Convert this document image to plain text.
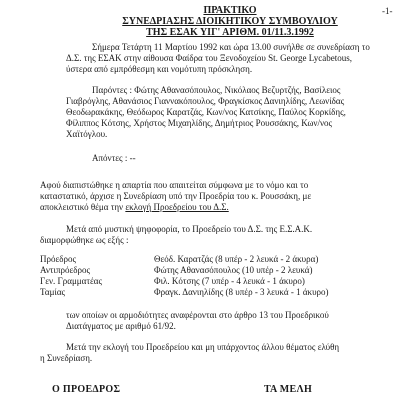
-1-
ΠΡΑΚΤΙΚΟ
ΣΥΝΕΔΡΙΑΣΗΣ ΔΙΟΙΚΗΤΙΚΟΥ ΣΥΜΒΟΥΛΙΟΥ
ΤΗΣ ΕΣΑΚ ΥΙΓ' ΑΡΙΘΜ. 01/11.3.1992
Σήμερα Τετάρτη 11 Μαρτίου 1992 και ώρα 13.00 συνήλθε σε συνεδρίαση το
Δ.Σ. της ΕΣΑΚ στην αίθουσα Φαίδρα του Ξενοδοχείου St. George Lycabetous,
ύστερα από εμπρόθεσμη και νομότυπη πρόσκληση.
Παρόντες : Φώτης Αθανασόπουλος, Νικόλαος Βεζυρτζής, Βασίλειος
Γιαβρόγλης, Αθανάσιος Γιαννακόπουλος, Φραγκίσκος Δανιηλίδης, Λεωνίδας
Θεοδωρακάκης, Θεόδωρος Καρατζάς, Κων/νος Κατσίκης, Παύλος Κορκίδης,
Φίλιππος Κότσης, Χρήστος Μιχαηλίδης, Δημήτριος Ρουσσάκης, Κων/νος
Χαϊτόγλου.
Απόντες : --
Αφού διαπιστώθηκε η απαρτία που απαιτείται σύμφωνα με το νόμο και το
καταστατικό, άρχισε η Συνεδρίαση υπό την Προεδρία του κ. Ρουσσάκη, με
αποκλειστικό θέμα την εκλογή Προεδρείου του Δ.Σ.
Μετά από μυστική ψηφοφορία, το Προεδρείο του Δ.Σ. της Ε.Σ.Α.Κ.
διαμορφώθηκε ως εξής :
Πρόεδρος	Θεόδ. Καρατζάς (8 υπέρ - 2 λευκά - 2 άκυρα)
Αντιπρόεδρος	Φώτης Αθανασόπουλος (10 υπέρ - 2 λευκά)
Γεν. Γραμματέας	Φιλ. Κότσης (7 υπέρ - 4 λευκά - 1 άκυρο)
Ταμίας	Φραγκ. Δανιηλίδης (8 υπέρ - 3 λευκά - 1 άκυρο)
των οποίων οι αρμοδιότητες αναφέρονται στο άρθρο 13 του Προεδρικού
Διατάγματος με αριθμό 61/92.
Μετά την εκλογή του Προεδρείου και μη υπάρχοντος άλλου θέματος ελύθη
η Συνεδρίαση.
Ο ΠΡΟΕΔΡΟΣ	ΤΑ ΜΕΛΗ
